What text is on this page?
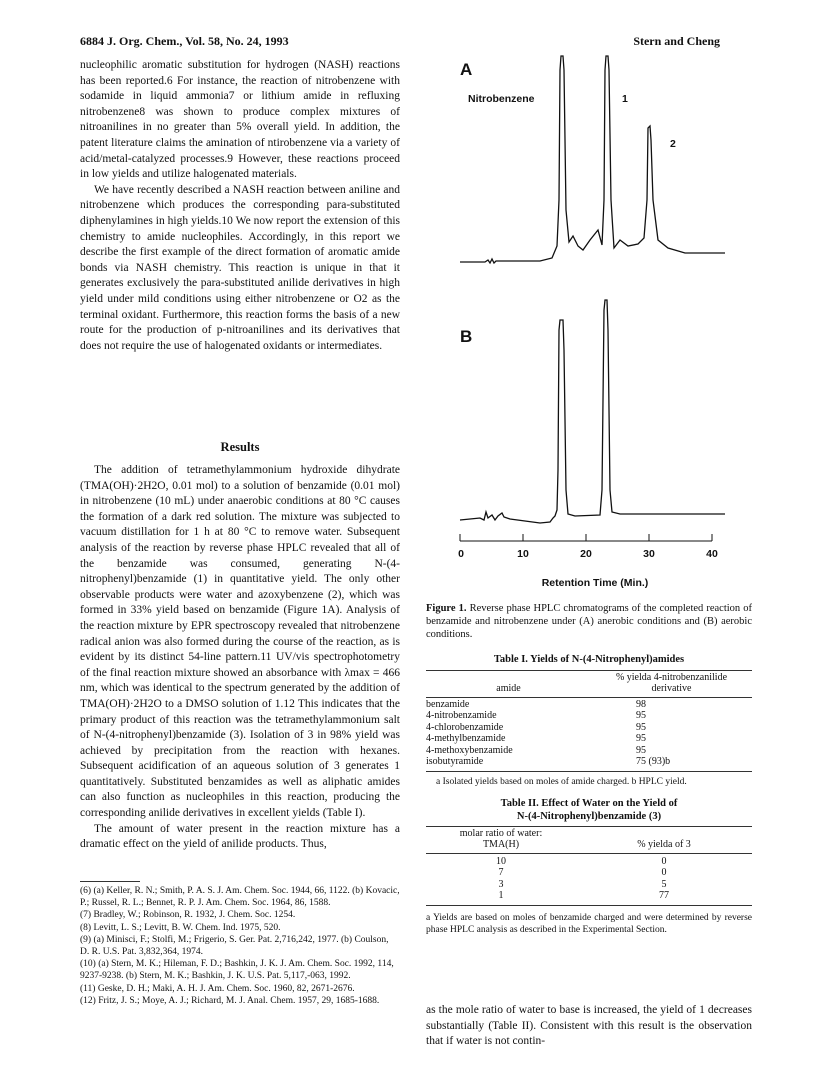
6884 J. Org. Chem., Vol. 58, No. 24, 1993	Stern and Cheng

nucleophilic aromatic substitution for hydrogen (NASH) reactions has been reported.6 For instance, the reaction of nitrobenzene with sodamide in liquid ammonia7 or lithium amide in refluxing nitrobenzene8 was shown to produce complex mixtures of nitroanilines in no greater than 5% overall yield. In addition, the patent literature claims the amination of ntirobenzene via a variety of acid/metal-catalyzed processes.9 However, these reactions proceed in low yields and utilize halogenated materials.

We have recently described a NASH reaction between aniline and nitrobenzene which produces the corresponding para-substituted diphenylamines in high yields.10 We now report the extension of this chemistry to amide nucleophiles. Accordingly, in this report we describe the first example of the direct formation of aromatic amide bonds via NASH chemistry. This reaction is unique in that it generates exclusively the para-substituted anilide derivatives in high yield under mild conditions using either nitrobenzene or O2 as the terminal oxidant. Furthermore, this reaction forms the basis of a new route for the production of p-nitroanilines and its derivatives that does not require the use of halogenated oxidants or intermediates.

Results

The addition of tetramethylammonium hydroxide dihydrate (TMA(OH)·2H2O, 0.01 mol) to a solution of benzamide (0.01 mol) in nitrobenzene (10 mL) under anaerobic conditions at 80 °C causes the formation of a dark red solution. The mixture was subjected to vacuum distillation for 1 h at 80 °C to remove water. Subsequent analysis of the reaction by reverse phase HPLC revealed that all of the benzamide was consumed, generating N-(4-nitrophenyl)benzamide (1) in quantitative yield. The only other observable products were water and azoxybenzene (2), which was formed in 33% yield based on benzamide (Figure 1A). Analysis of the reaction mixture by EPR spectroscopy revealed that nitrobenzene radical anion was also formed during the course of the reaction, as is evident by its distinct 54-line pattern.11 UV/vis spectrophotometry of the final reaction mixture showed an absorbance with λmax = 466 nm, which was identical to the spectrum generated by the addition of TMA(OH)·2H2O to a DMSO solution of 1.12 This indicates that the primary product of this reaction was the tetramethylammonium salt of N-(4-nitrophenyl)benzamide (3). Isolation of 3 in 98% yield was achieved by precipitation from the reaction with hexanes. Subsequent acidification of an aqueous solution of 3 generates 1 quantitatively. Substituted benzamides as well as aliphatic amides can also function as nucleophiles in this reaction, producing the corresponding anilide derivatives in excellent yields (Table I).

The amount of water present in the reaction mixture has a dramatic effect on the yield of anilide products. Thus,

(6) (a) Keller, R. N.; Smith, P. A. S. J. Am. Chem. Soc. 1944, 66, 1122. (b) Kovacic, P.; Russel, R. L.; Bennet, R. P. J. Am. Chem. Soc. 1964, 86, 1588.

(7) Bradley, W.; Robinson, R. 1932, J. Chem. Soc. 1254.

(8) Levitt, L. S.; Levitt, B. W. Chem. Ind. 1975, 520.

(9) (a) Minisci, F.; Stolfi, M.; Frigerio, S. Ger. Pat. 2,716,242, 1977. (b) Coulson, D. R. U.S. Pat. 3,832,364, 1974.

(10) (a) Stern, M. K.; Hileman, F. D.; Bashkin, J. K. J. Am. Chem. Soc. 1992, 114, 9237-9238. (b) Stern, M. K.; Bashkin, J. K. U.S. Pat. 5,117,-063, 1992.

(11) Geske, D. H.; Maki, A. H. J. Am. Chem. Soc. 1960, 82, 2671-2676.

(12) Fritz, J. S.; Moye, A. J.; Richard, M. J. Anal. Chem. 1957, 29, 1685-1688.

A
Nitrobenzene	1
2
B
0	10	20	30	40
Retention Time (Min.)

Figure 1. Reverse phase HPLC chromatograms of the completed reaction of benzamide and nitrobenzene under (A) anerobic conditions and (B) aerobic conditions.

Table I. Yields of N-(4-Nitrophenyl)amides
	% yielda 4-nitrobenzanilide
amide	derivative
benzamide	98
4-nitrobenzamide	95
4-chlorobenzamide	95
4-methylbenzamide	95
4-methoxybenzamide	95
isobutyramide	75 (93)b

a Isolated yields based on moles of amide charged. b HPLC yield.

Table II. Effect of Water on the Yield of
N-(4-Nitrophenyl)benzamide (3)
molar ratio of water:	
TMA(H)	% yielda of 3
10	0
7	0
3	5
1	77

a Yields are based on moles of benzamide charged and were determined by reverse phase HPLC analysis as described in the Experimental Section.

as the mole ratio of water to base is increased, the yield of 1 decreases substantially (Table II). Consistent with this result is the observation that if water is not contin-
